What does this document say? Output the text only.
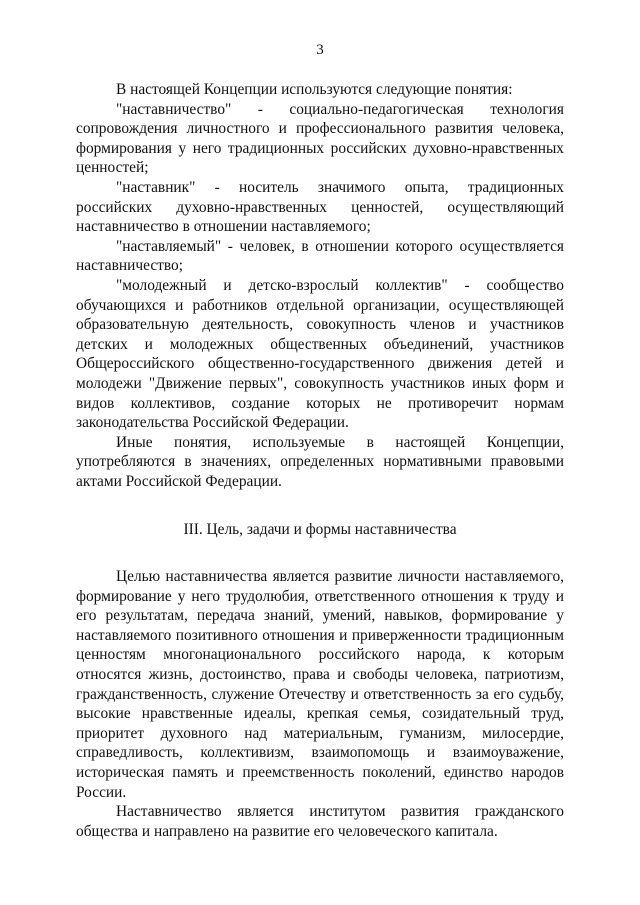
3

В настоящей Концепции используются следующие понятия:

"наставничество" - социально-педагогическая технология сопровождения личностного и профессионального развития человека, формирования у него традиционных российских духовно-нравственных ценностей;

"наставник" - носитель значимого опыта, традиционных российских духовно-нравственных ценностей, осуществляющий наставничество в отношении наставляемого;

"наставляемый" - человек, в отношении которого осуществляется наставничество;

"молодежный и детско-взрослый коллектив" - сообщество обучающихся и работников отдельной организации, осуществляющей образовательную деятельность, совокупность членов и участников детских и молодежных общественных объединений, участников Общероссийского общественно-государственного движения детей и молодежи "Движение первых", совокупность участников иных форм и видов коллективов, создание которых не противоречит нормам законодательства Российской Федерации.

Иные понятия, используемые в настоящей Концепции, употребляются в значениях, определенных нормативными правовыми актами Российской Федерации.

III. Цель, задачи и формы наставничества

Целью наставничества является развитие личности наставляемого, формирование у него трудолюбия, ответственного отношения к труду и его результатам, передача знаний, умений, навыков, формирование у наставляемого позитивного отношения и приверженности традиционным ценностям многонационального российского народа, к которым относятся жизнь, достоинство, права и свободы человека, патриотизм, гражданственность, служение Отечеству и ответственность за его судьбу, высокие нравственные идеалы, крепкая семья, созидательный труд, приоритет духовного над материальным, гуманизм, милосердие, справедливость, коллективизм, взаимопомощь и взаимоуважение, историческая память и преемственность поколений, единство народов России.

Наставничество является институтом развития гражданского общества и направлено на развитие его человеческого капитала.
